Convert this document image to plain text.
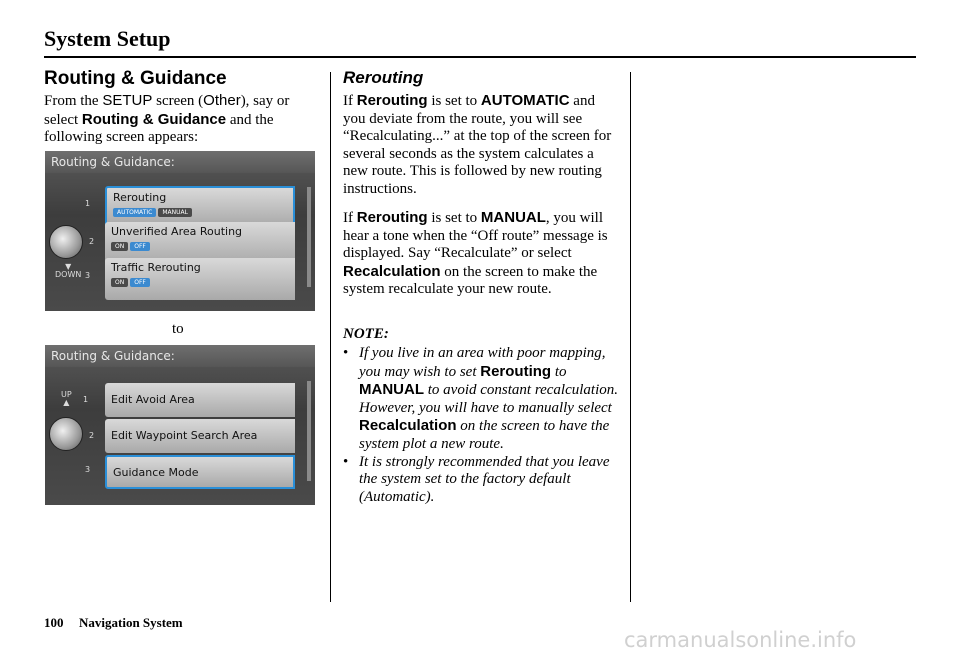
System Setup
Routing & Guidance
From the SETUP screen (Other), say or select Routing & Guidance and the following screen appears:
Routing & Guidance:
1
2
▼
DOWN 3
Rerouting
AUTOMATIC MANUAL
Unverified Area Routing
ON OFF
Traffic Rerouting
ON OFF
to
Routing & Guidance:
UP
▲ 1
2
3
Edit Avoid Area
Edit Waypoint Search Area
Guidance Mode
Rerouting
If Rerouting is set to AUTOMATIC and you deviate from the route, you will see “Recalculating...” at the top of the screen for several seconds as the system calculates a new route. This is followed by new routing instructions.
If Rerouting is set to MANUAL, you will hear a tone when the “Off route” message is displayed. Say “Recalculate” or select Recalculation on the screen to make the system recalculate your new route.
NOTE:
• If you live in an area with poor mapping, you may wish to set Rerouting to MANUAL to avoid constant recalculation. However, you will have to manually select Recalculation on the screen to have the system plot a new route.
• It is strongly recommended that you leave the system set to the factory default (Automatic).
100 Navigation System
carmanualsonline.info
